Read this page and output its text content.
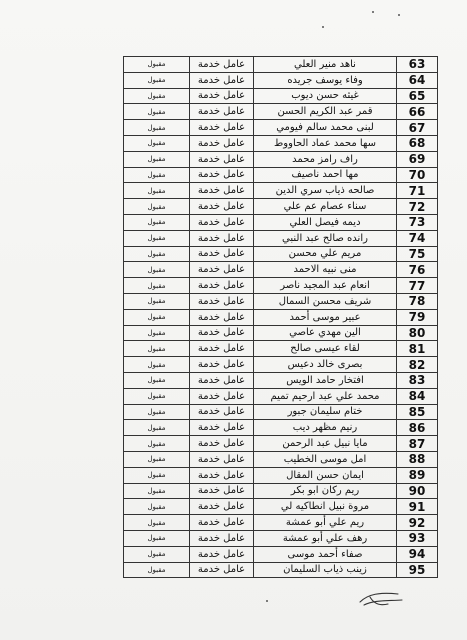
مقبول	عامل خدمة	ناهد منير العلي	63
مقبول	عامل خدمة	وفاء يوسف جريده	64
مقبول	عامل خدمة	غيثه حسن ديوب	65
مقبول	عامل خدمة	قمر عبد الكريم الحسن	66
مقبول	عامل خدمة	لبنى محمد سالم فيومي	67
مقبول	عامل خدمة	سها محمد عماد الحاووط	68
مقبول	عامل خدمة	راف رامز محمد	69
مقبول	عامل خدمة	مها احمد ناصيف	70
مقبول	عامل خدمة	صالحه ذياب سري الدين	71
مقبول	عامل خدمة	سناء عصام عم علي	72
مقبول	عامل خدمة	ديمه فيصل العلي	73
مقبول	عامل خدمة	رانده صالح عبد النبي	74
مقبول	عامل خدمة	مريم علي محسن	75
مقبول	عامل خدمة	منى نبيه الاحمد	76
مقبول	عامل خدمة	انعام عبد المجيد ناصر	77
مقبول	عامل خدمة	شريف محسن السمال	78
مقبول	عامل خدمة	عبير موسى أحمد	79
مقبول	عامل خدمة	الين مهدي عاصي	80
مقبول	عامل خدمة	لقاء عيسى صالح	81
مقبول	عامل خدمة	بصرى خالد دعيس	82
مقبول	عامل خدمة	افتخار حامد الويس	83
مقبول	عامل خدمة	محمد علي عبد ارحيم تميم	84
مقبول	عامل خدمة	ختام سليمان جبور	85
مقبول	عامل خدمة	رنيم مظهر ديب	86
مقبول	عامل خدمة	مايا نبيل عبد الرحمن	87
مقبول	عامل خدمة	امل موسى الخطيب	88
مقبول	عامل خدمة	ايمان حسن المقال	89
مقبول	عامل خدمة	ريم ركان ابو بكر	90
مقبول	عامل خدمة	مروة نبيل انطاكيه لي	91
مقبول	عامل خدمة	ريم علي أبو عمشة	92
مقبول	عامل خدمة	رهف علي أبو عمشة	93
مقبول	عامل خدمة	صفاء أحمد موسى	94
مقبول	عامل خدمة	زينب ذياب السليمان	95
